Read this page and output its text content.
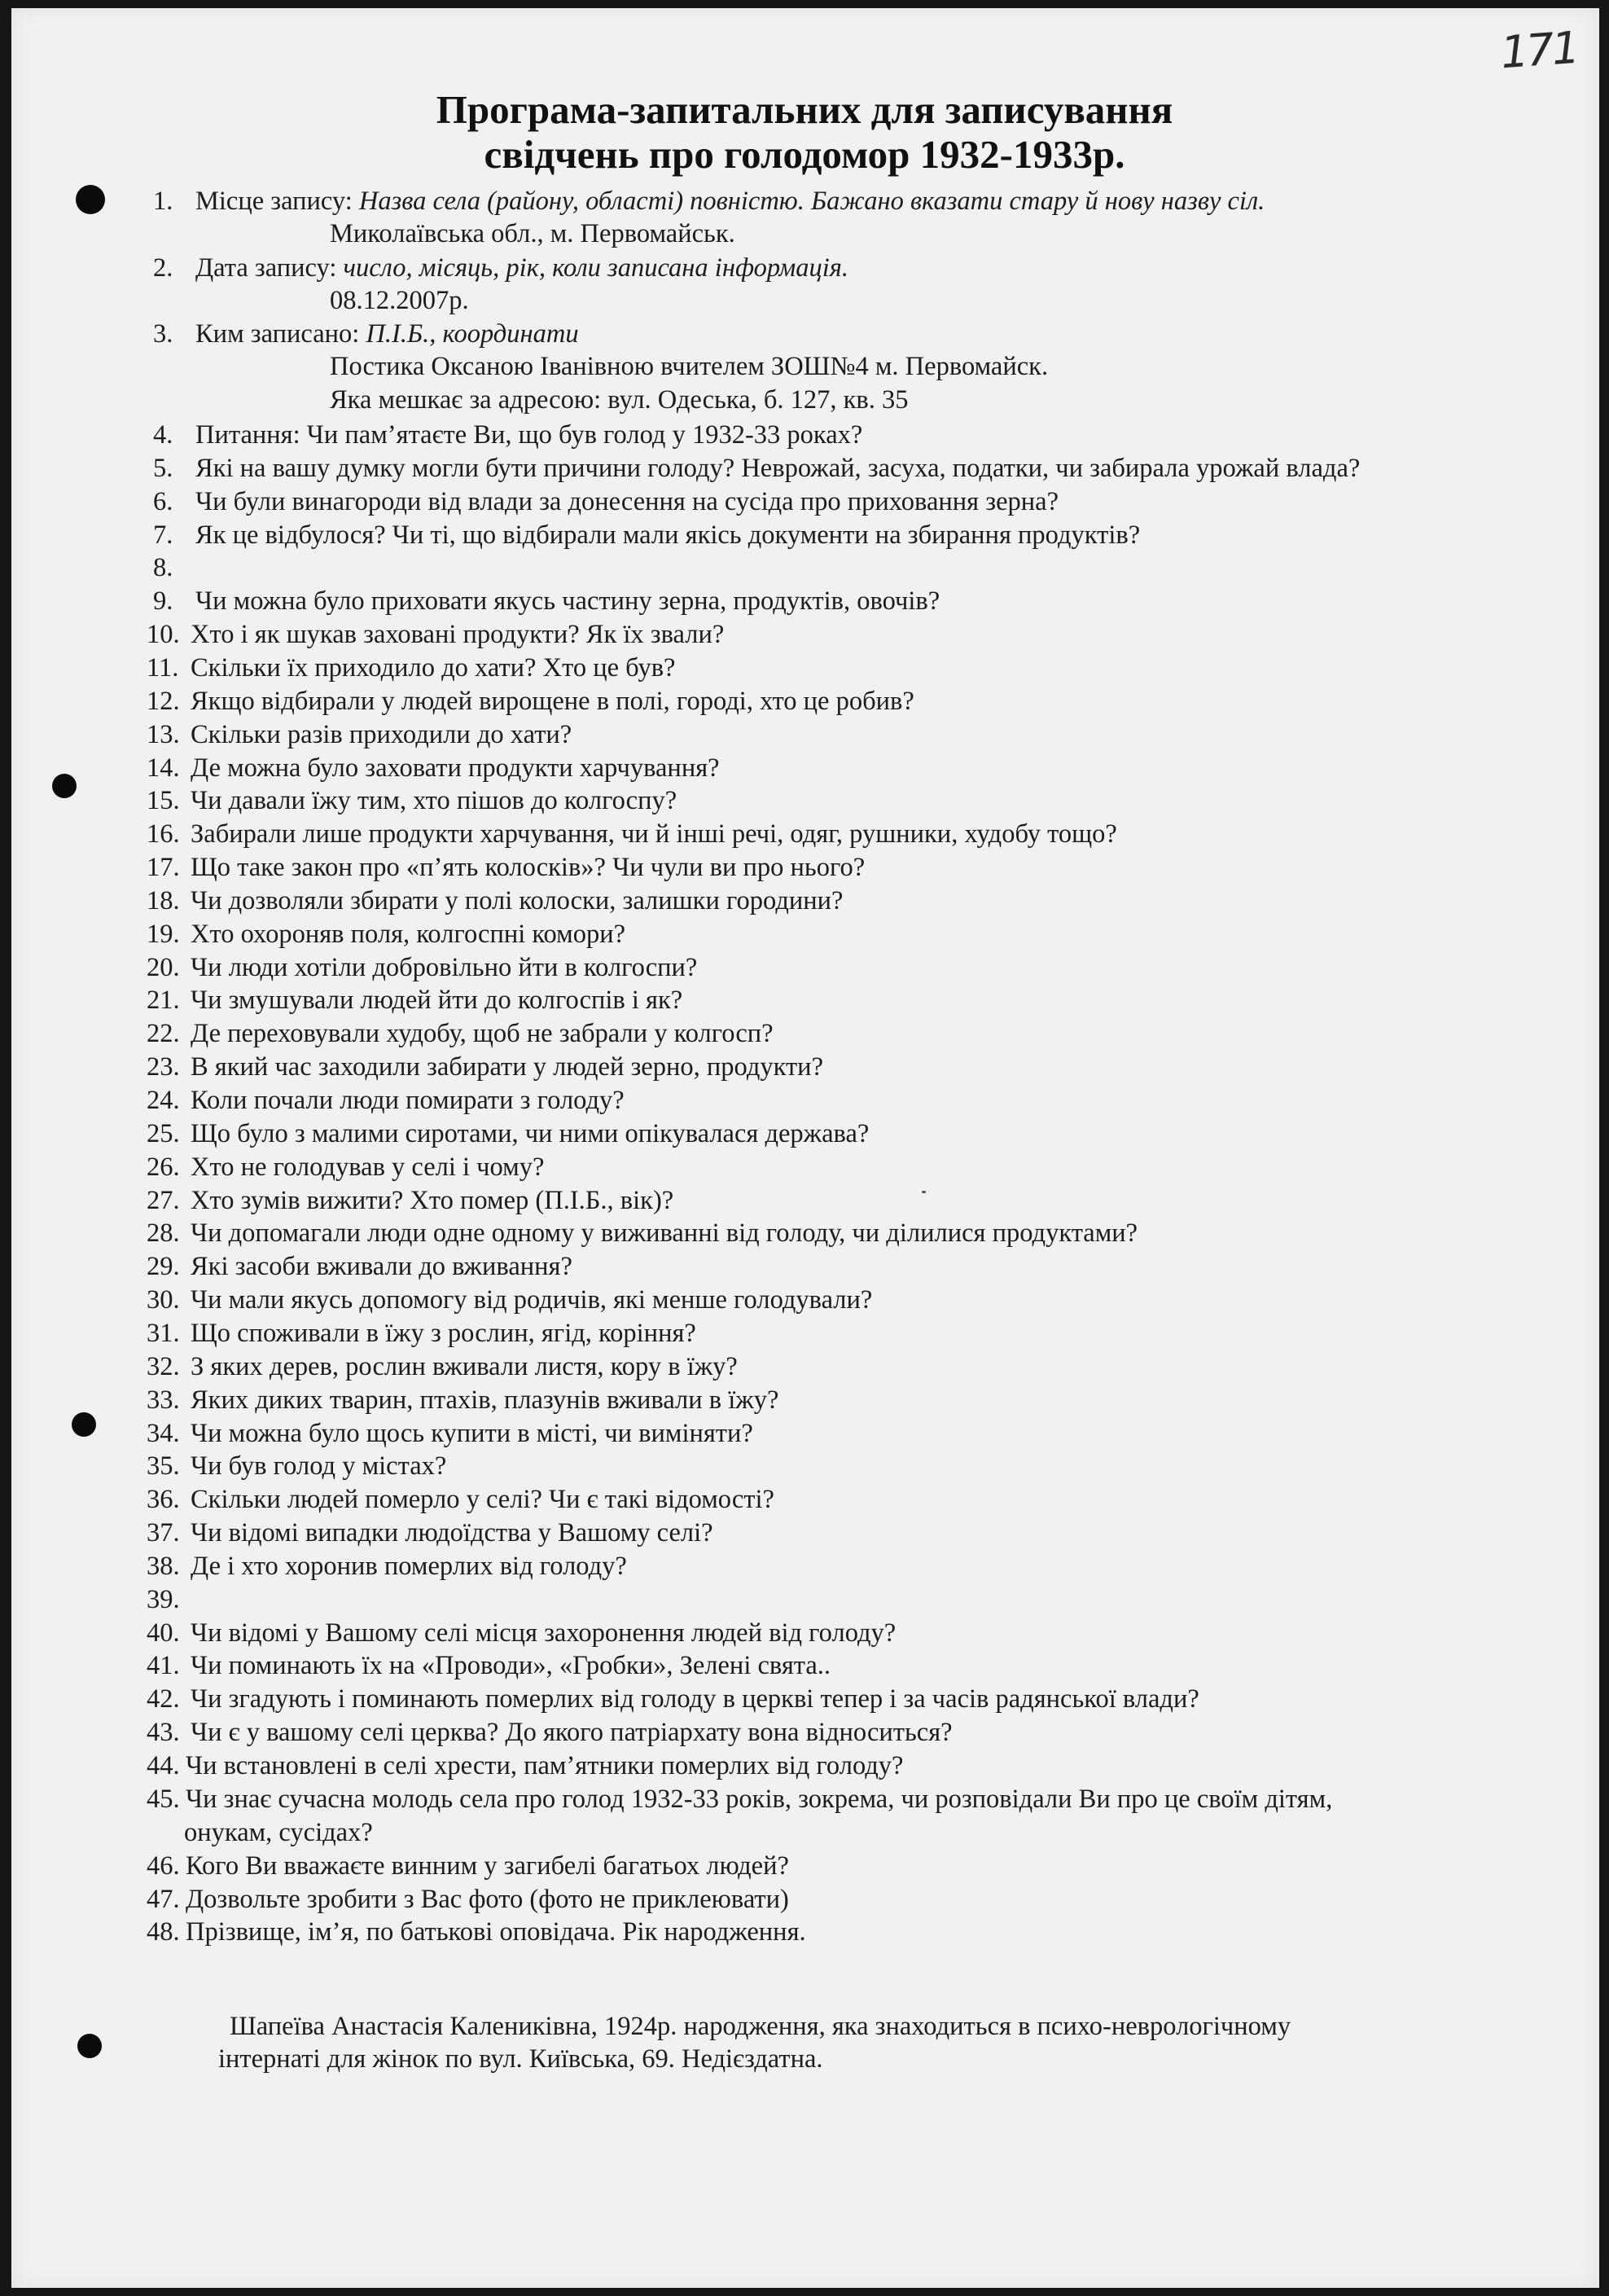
171
Програма-запитальних для записування
свідчень про голодомор 1932-1933р.
1. Місце запису: Назва села (району, області) повністю. Бажано вказати стару й нову назву сіл.
Миколаївська обл., м. Первомайськ.
2. Дата запису: число, місяць, рік, коли записана інформація.
08.12.2007р.
3. Ким записано: П.І.Б., координати
Постика Оксаною Іванівною вчителем ЗОШ№4 м. Первомайск.
Яка мешкає за адресою: вул. Одеська, б. 127, кв. 35
4. Питання: Чи пам’ятаєте Ви, що був голод у 1932-33 роках?
5. Які на вашу думку могли бути причини голоду? Неврожай, засуха, податки, чи забирала урожай влада?
6. Чи були винагороди від влади за донесення на сусіда про приховання зерна?
7. Як це відбулося? Чи ті, що відбирали мали якісь документи на збирання продуктів?
8.
9. Чи можна було приховати якусь частину зерна, продуктів, овочів?
10. Хто і як шукав заховані продукти? Як їх звали?
11. Скільки їх приходило до хати? Хто це був?
12. Якщо відбирали у людей вирощене в полі, городі, хто це робив?
13. Скільки разів приходили до хати?
14. Де можна було заховати продукти харчування?
15. Чи давали їжу тим, хто пішов до колгоспу?
16. Забирали лише продукти харчування, чи й інші речі, одяг, рушники, худобу тощо?
17. Що таке закон про «п’ять колосків»? Чи чули ви про нього?
18. Чи дозволяли збирати у полі колоски, залишки городини?
19. Хто охороняв поля, колгоспні комори?
20. Чи люди хотіли добровільно йти в колгоспи?
21. Чи змушували людей йти до колгоспів і як?
22. Де переховували худобу, щоб не забрали у колгосп?
23. В який час заходили забирати у людей зерно, продукти?
24. Коли почали люди помирати з голоду?
25. Що було з малими сиротами, чи ними опікувалася держава?
26. Хто не голодував у селі і чому?
27. Хто зумів вижити? Хто помер (П.І.Б., вік)?
28. Чи допомагали люди одне одному у виживанні від голоду, чи ділилися продуктами?
29. Які засоби вживали до вживання?
30. Чи мали якусь допомогу від родичів, які менше голодували?
31. Що споживали в їжу з рослин, ягід, коріння?
32. З яких дерев, рослин вживали листя, кору в їжу?
33. Яких диких тварин, птахів, плазунів вживали в їжу?
34. Чи можна було щось купити в місті, чи виміняти?
35. Чи був голод у містах?
36. Скільки людей померло у селі? Чи є такі відомості?
37. Чи відомі випадки людоїдства у Вашому селі?
38. Де і хто хоронив померлих від голоду?
39.
40. Чи відомі у Вашому селі місця захоронення людей від голоду?
41. Чи поминають їх на «Проводи», «Гробки», Зелені свята..
42. Чи згадують і поминають померлих від голоду в церкві тепер і за часів радянської влади?
43. Чи є у вашому селі церква? До якого патріархату вона відноситься?
44. Чи встановлені в селі хрести, пам’ятники померлих від голоду?
45. Чи знає сучасна молодь села про голод 1932-33 років, зокрема, чи розповідали Ви про це своїм дітям,
онукам, сусідах?
46. Кого Ви вважаєте винним у загибелі багатьох людей?
47. Дозвольте зробити з Вас фото (фото не приклеювати)
48. Прізвище, ім’я, по батькові оповідача. Рік народження.
Шапеїва Анастасія Калениківна, 1924р. народження, яка знаходиться в психо-неврологічному
інтернаті для жінок по вул. Київська, 69. Недієздатна.
